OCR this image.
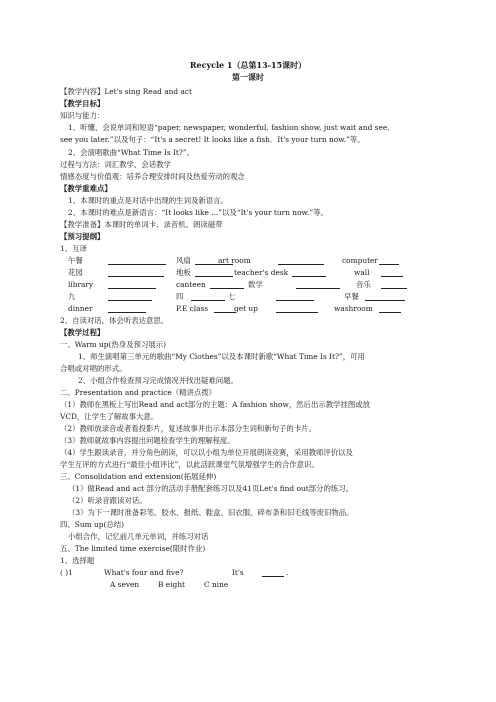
Recycle 1（总第13-15课时）
第一课时
【教学内容】Let's sing Read and act
【教学目标】
知识与能力：
1、听懂、会说单词和短语“paper, newspaper, wonderful, fashion show, just wait and see,
see you later.”以及句子：“It's a secret! It looks like a fish．It's your turn now.”等。
2、会演唱歌曲“What Time Is It?”。
过程与方法：词汇教学、会话教学
情感态度与价值观：培养合理安排时间及热爱劳动的观念
【教学重难点】
1、本课时的重点是对话中出现的生词及新语言。
2、本课时的难点是新语言：“It looks like ...”以及“It's your turn now.”等。
【教学准备】本课时的单词卡、录音机、朗读磁带
【预习提纲】
1、互译
午餐	风扇	art room	computer
花园	地板	teacher's desk	wall
library	canteen	数学	音乐
九	四	七	早餐
dinner	P.E class	get up	washroom
2、自读对话，体会听表达意思。
【教学过程】
一、Warm up(热身及预习展示)
1、师生演唱第三单元的歌曲“My Clothes”以及本课时新歌“What Time Is It?”，可用
合唱或对唱的形式。
2、小组合作检查预习完成情况并找出疑难问题。
二、Presentation and practice（精讲点拨）
（1）教师在黑板上写出Read and act部分的主题：A fashion show，然后出示教学挂图或放
VCD，让学生了解故事大意。
（2）教师放录音或者看投影片，复述故事并出示本部分生词和新句子的卡片。
（3）教师就故事内容提出问题检查学生的理解程度。
（4）学生跟读录音，并分角色朗读，可以以小组为单位开展朗读竞赛，采用教师评价以及
学生互评的方式进行“最佳小组评比”，以此活跃课堂气氛增强学生的合作意识。
三、Consolidation and extension(拓展延伸)
（1）做Read and act 部分的活动手册配套练习以及41页Let's find out部分的练习。
（2）听录音跟读对话。
（3）为下一课时准备彩笔、胶水、报纸、鞋盒、旧衣服、碎布条和旧毛线等废旧物品。
四、Sum up(总结)
小组合作，记忆前几单元单词，并练习对话
五、The limited time exercise(限时作业)
1、选择题
( )1	What's four and five?	It's	.
A seven	B eight	C nine
